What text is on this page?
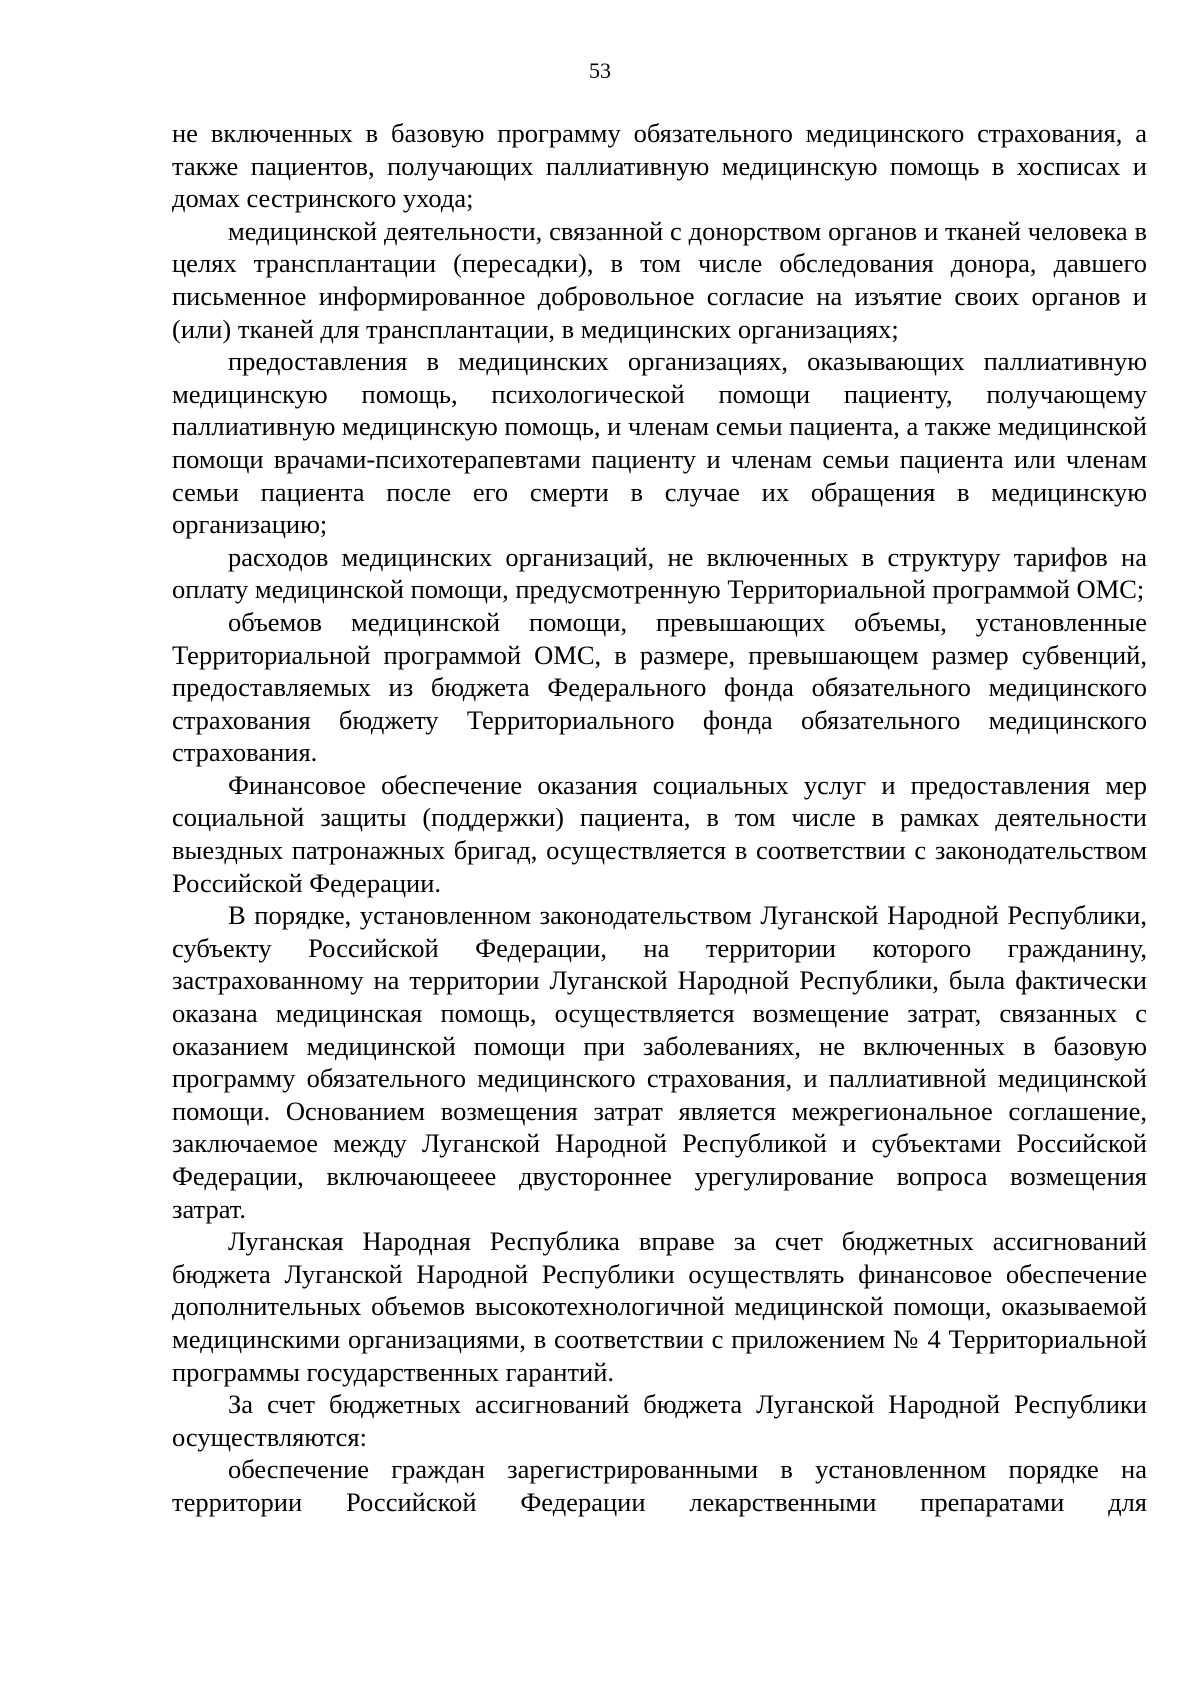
53

не включенных в базовую программу обязательного медицинского страхования, а также пациентов, получающих паллиативную медицинскую помощь в хосписах и домах сестринского ухода;

медицинской деятельности, связанной с донорством органов и тканей человека в целях трансплантации (пересадки), в том числе обследования донора, давшего письменное информированное добровольное согласие на изъятие своих органов и (или) тканей для трансплантации, в медицинских организациях;

предоставления в медицинских организациях, оказывающих паллиативную медицинскую помощь, психологической помощи пациенту, получающему паллиативную медицинскую помощь, и членам семьи пациента, а также медицинской помощи врачами-психотерапевтами пациенту и членам семьи пациента или членам семьи пациента после его смерти в случае их обращения в медицинскую организацию;

расходов медицинских организаций, не включенных в структуру тарифов на оплату медицинской помощи, предусмотренную Территориальной программой ОМС;

объемов медицинской помощи, превышающих объемы, установленные Территориальной программой ОМС, в размере, превышающем размер субвенций, предоставляемых из бюджета Федерального фонда обязательного медицинского страхования бюджету Территориального фонда обязательного медицинского страхования.

Финансовое обеспечение оказания социальных услуг и предоставления мер социальной защиты (поддержки) пациента, в том числе в рамках деятельности выездных патронажных бригад, осуществляется в соответствии с законодательством Российской Федерации.

В порядке, установленном законодательством Луганской Народной Республики, субъекту Российской Федерации, на территории которого гражданину, застрахованному на территории Луганской Народной Республики, была фактически оказана медицинская помощь, осуществляется возмещение затрат, связанных с оказанием медицинской помощи при заболеваниях, не включенных в базовую программу обязательного медицинского страхования, и паллиативной медицинской помощи. Основанием возмещения затрат является межрегиональное соглашение, заключаемое между Луганской Народной Республикой и субъектами Российской Федерации, включающееее двустороннее урегулирование вопроса возмещения затрат.

Луганская Народная Республика вправе за счет бюджетных ассигнований бюджета Луганской Народной Республики осуществлять финансовое обеспечение дополнительных объемов высокотехнологичной медицинской помощи, оказываемой медицинскими организациями, в соответствии с приложением № 4 Территориальной программы государственных гарантий.

За счет бюджетных ассигнований бюджета Луганской Народной Республики осуществляются:

обеспечение граждан зарегистрированными в установленном порядке на территории Российской Федерации лекарственными препаратами для
